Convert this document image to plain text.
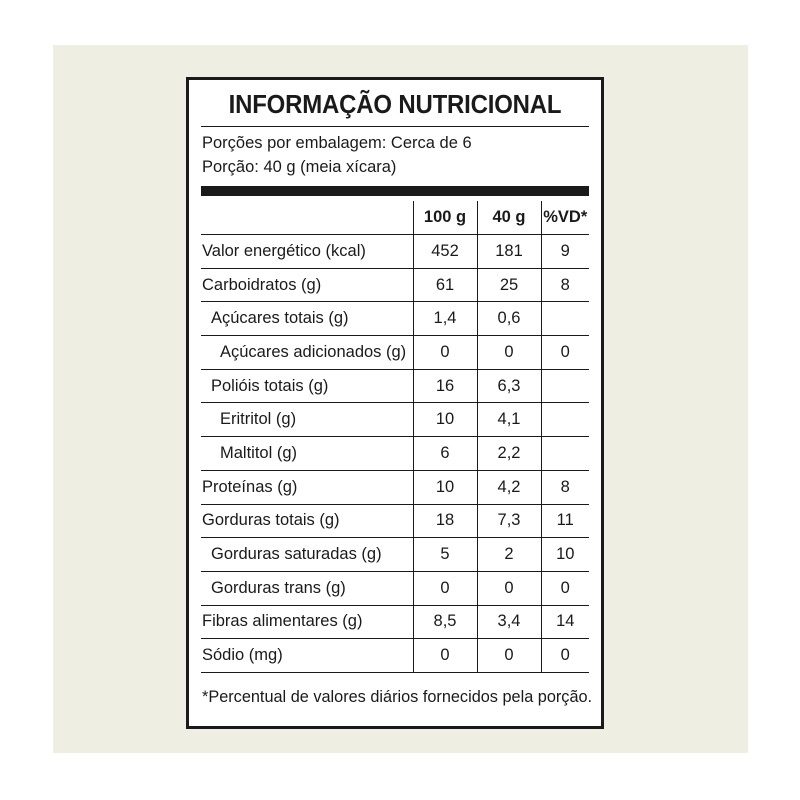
INFORMAÇÃO NUTRICIONAL
Porções por embalagem: Cerca de 6
Porção: 40 g (meia xícara)
	100 g	40 g	%VD*
Valor energético (kcal)	452	181	9
Carboidratos (g)	61	25	8
Açúcares totais (g)	1,4	0,6	
Açúcares adicionados (g)	0	0	0
Polióis totais (g)	16	6,3	
Eritritol (g)	10	4,1	
Maltitol (g)	6	2,2	
Proteínas (g)	10	4,2	8
Gorduras totais (g)	18	7,3	11
Gorduras saturadas (g)	5	2	10
Gorduras trans (g)	0	0	0
Fibras alimentares (g)	8,5	3,4	14
Sódio (mg)	0	0	0
*Percentual de valores diários fornecidos pela porção.
